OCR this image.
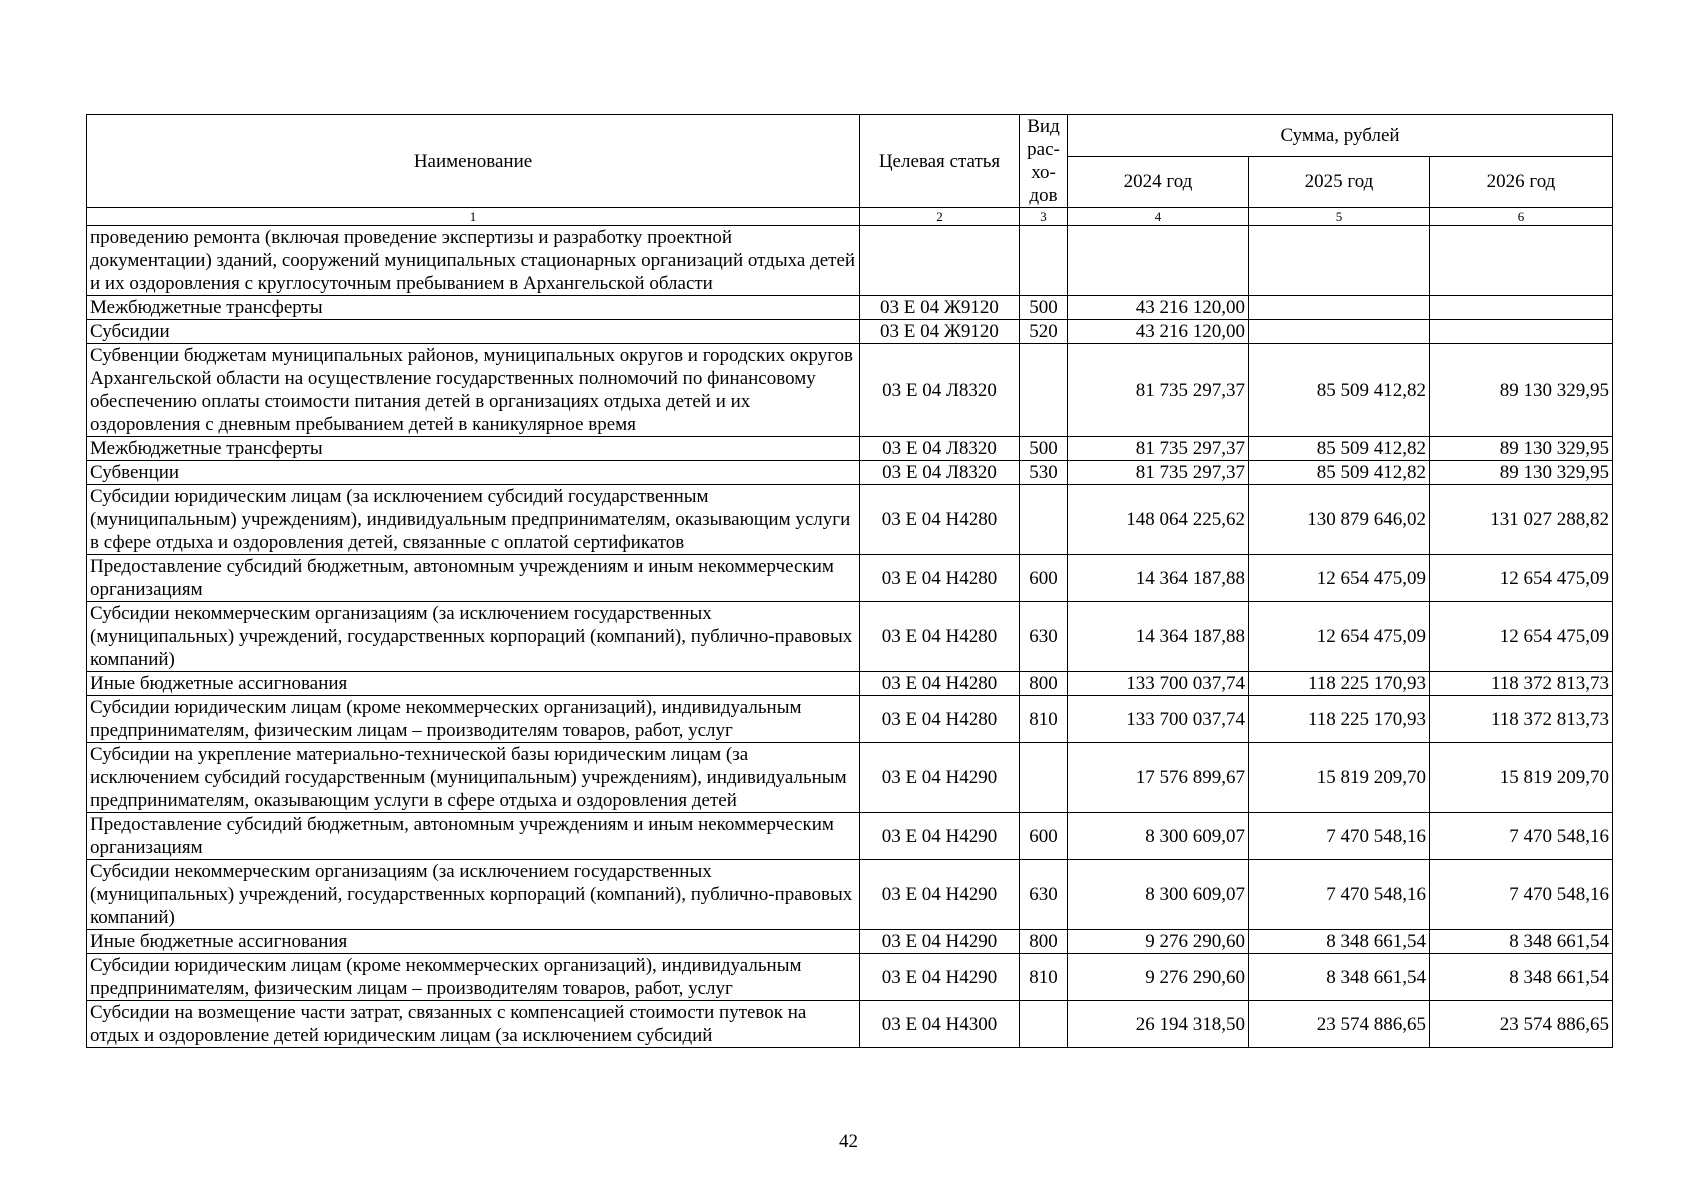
Наименование	Целевая статья	Вид рас-хо-дов	Сумма, рублей		
			2024 год	2025 год	2026 год
1	2	3	4	5	6
проведению ремонта (включая проведение экспертизы и разработку проектной документации) зданий, сооружений муниципальных стационарных организаций отдыха детей и их оздоровления с круглосуточным пребыванием в Архангельской области					
Межбюджетные трансферты	03 Е 04 Ж9120	500	43 216 120,00		
Субсидии	03 Е 04 Ж9120	520	43 216 120,00		
Субвенции бюджетам муниципальных районов, муниципальных округов и городских округов Архангельской области на осуществление государственных полномочий по финансовому обеспечению оплаты стоимости питания детей в организациях отдыха детей и их оздоровления с дневным пребыванием детей в каникулярное время	03 Е 04 Л8320		81 735 297,37	85 509 412,82	89 130 329,95
Межбюджетные трансферты	03 Е 04 Л8320	500	81 735 297,37	85 509 412,82	89 130 329,95
Субвенции	03 Е 04 Л8320	530	81 735 297,37	85 509 412,82	89 130 329,95
Субсидии юридическим лицам (за исключением субсидий государственным (муниципальным) учреждениям), индивидуальным предпринимателям, оказывающим услуги в сфере отдыха и оздоровления детей, связанные с оплатой сертификатов	03 Е 04 Н4280		148 064 225,62	130 879 646,02	131 027 288,82
Предоставление субсидий бюджетным, автономным учреждениям и иным некоммерческим организациям	03 Е 04 Н4280	600	14 364 187,88	12 654 475,09	12 654 475,09
Субсидии некоммерческим организациям (за исключением государственных (муниципальных) учреждений, государственных корпораций (компаний), публично-правовых компаний)	03 Е 04 Н4280	630	14 364 187,88	12 654 475,09	12 654 475,09
Иные бюджетные ассигнования	03 Е 04 Н4280	800	133 700 037,74	118 225 170,93	118 372 813,73
Субсидии юридическим лицам (кроме некоммерческих организаций), индивидуальным предпринимателям, физическим лицам – производителям товаров, работ, услуг	03 Е 04 Н4280	810	133 700 037,74	118 225 170,93	118 372 813,73
Субсидии на укрепление материально-технической базы юридическим лицам (за исключением субсидий государственным (муниципальным) учреждениям), индивидуальным предпринимателям, оказывающим услуги в сфере отдыха и оздоровления детей	03 Е 04 Н4290		17 576 899,67	15 819 209,70	15 819 209,70
Предоставление субсидий бюджетным, автономным учреждениям и иным некоммерческим организациям	03 Е 04 Н4290	600	8 300 609,07	7 470 548,16	7 470 548,16
Субсидии некоммерческим организациям (за исключением государственных (муниципальных) учреждений, государственных корпораций (компаний), публично-правовых компаний)	03 Е 04 Н4290	630	8 300 609,07	7 470 548,16	7 470 548,16
Иные бюджетные ассигнования	03 Е 04 Н4290	800	9 276 290,60	8 348 661,54	8 348 661,54
Субсидии юридическим лицам (кроме некоммерческих организаций), индивидуальным предпринимателям, физическим лицам – производителям товаров, работ, услуг	03 Е 04 Н4290	810	9 276 290,60	8 348 661,54	8 348 661,54
Субсидии на возмещение части затрат, связанных с компенсацией стоимости путевок на отдых и оздоровление детей юридическим лицам (за исключением субсидий	03 Е 04 Н4300		26 194 318,50	23 574 886,65	23 574 886,65
42
